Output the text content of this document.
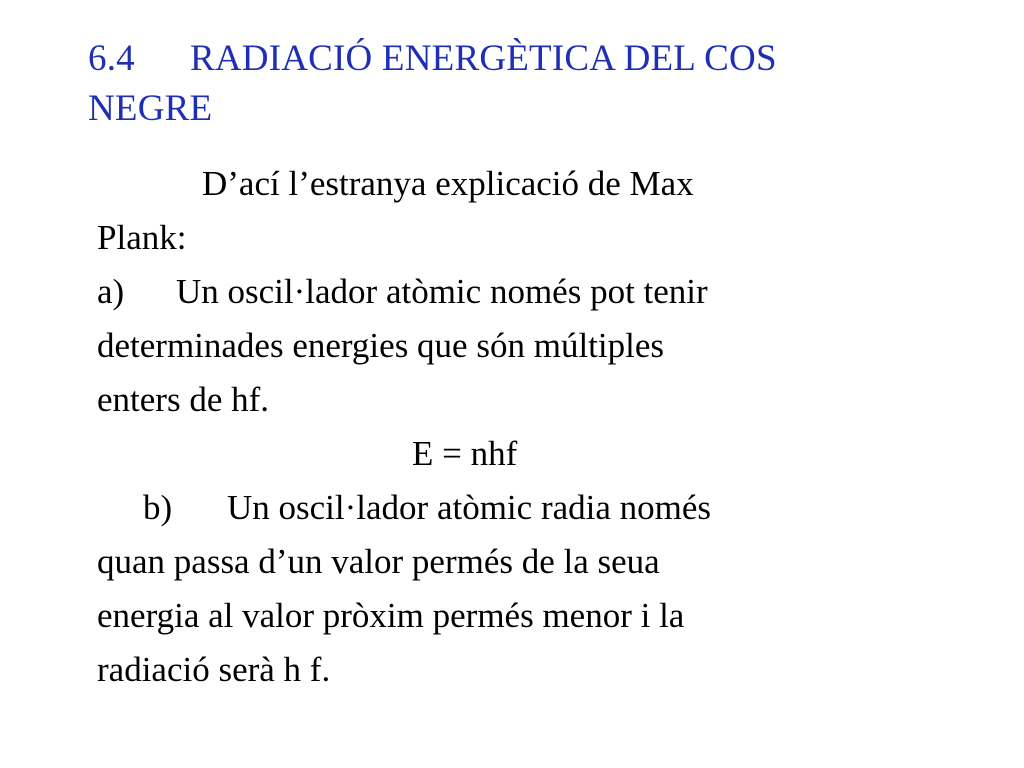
6.4 RADIACIÓ ENERGÈTICA DEL COS
NEGRE

D’ací l’estranya explicació de Max

Plank:

a) Un oscil·lador atòmic només pot tenir

determinades energies que són múltiples

enters de hf.

E = nhf

b) Un oscil·lador atòmic radia només

quan passa d’un valor permés de la seua

energia al valor pròxim permés menor i la

radiació serà h f.
